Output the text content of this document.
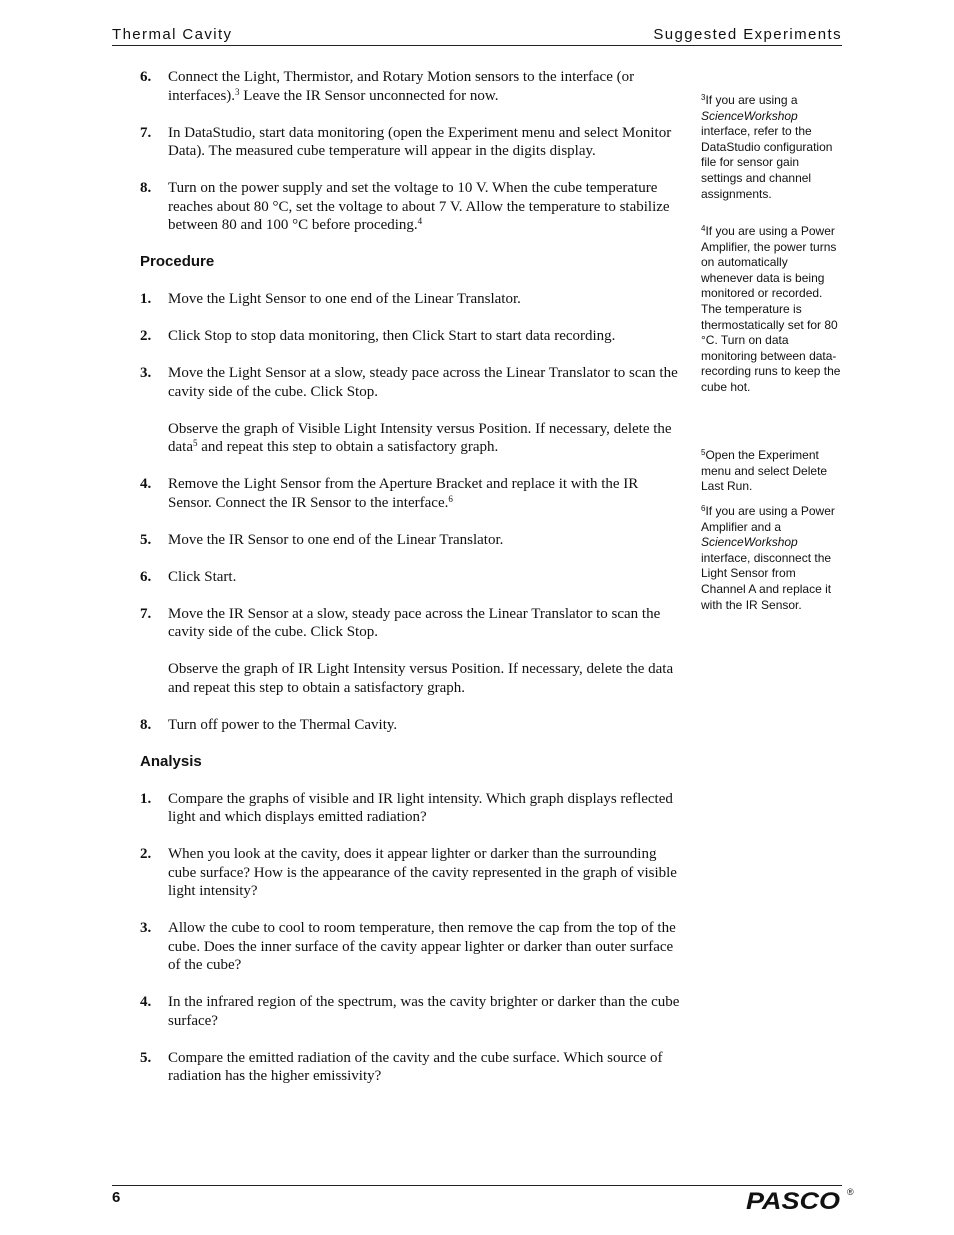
Thermal Cavity	Suggested Experiments
6. Connect the Light, Thermistor, and Rotary Motion sensors to the interface (or interfaces).$^3$ Leave the IR Sensor unconnected for now.

7. In DataStudio, start data monitoring (open the Experiment menu and select Monitor Data). The measured cube temperature will appear in the digits display.

8. Turn on the power supply and set the voltage to 10 V. When the cube temperature reaches about 80 °C, set the voltage to about 7 V. Allow the temperature to stabilize between 80 and 100 °C before proceding.$^4$

Procedure
1. Move the Light Sensor to one end of the Linear Translator.

2. Click Stop to stop data monitoring, then Click Start to start data recording.

3. Move the Light Sensor at a slow, steady pace across the Linear Translator to scan the cavity side of the cube. Click Stop.

Observe the graph of Visible Light Intensity versus Position. If necessary, delete the data$^5$ and repeat this step to obtain a satisfactory graph.

4. Remove the Light Sensor from the Aperture Bracket and replace it with the IR Sensor. Connect the IR Sensor to the interface.$^6$

5. Move the IR Sensor to one end of the Linear Translator.

6. Click Start.

7. Move the IR Sensor at a slow, steady pace across the Linear Translator to scan the cavity side of the cube. Click Stop.

Observe the graph of IR Light Intensity versus Position. If necessary, delete the data and repeat this step to obtain a satisfactory graph.

8. Turn off power to the Thermal Cavity.

Analysis
1. Compare the graphs of visible and IR light intensity. Which graph displays reflected light and which displays emitted radiation?

2. When you look at the cavity, does it appear lighter or darker than the surrounding cube surface? How is the appearance of the cavity represented in the graph of visible light intensity?

3. Allow the cube to cool to room temperature, then remove the cap from the top of the cube. Does the inner surface of the cavity appear lighter or darker than outer surface of the cube?

4. In the infrared region of the spectrum, was the cavity brighter or darker than the cube surface?

5. Compare the emitted radiation of the cavity and the cube surface. Which source of radiation has the higher emissivity?

$^3$If you are using a ScienceWorkshop interface, refer to the DataStudio configuration file for sensor gain settings and channel assignments.
$^4$If you are using a Power Amplifier, the power turns on automatically whenever data is being monitored or recorded. The temperature is thermostatically set for 80 °C. Turn on data monitoring between data-recording runs to keep the cube hot.
$^5$Open the Experiment menu and select Delete Last Run.
$^6$If you are using a Power Amplifier and a ScienceWorkshop interface, disconnect the Light Sensor from Channel A and replace it with the IR Sensor.
6	PASCO ®
